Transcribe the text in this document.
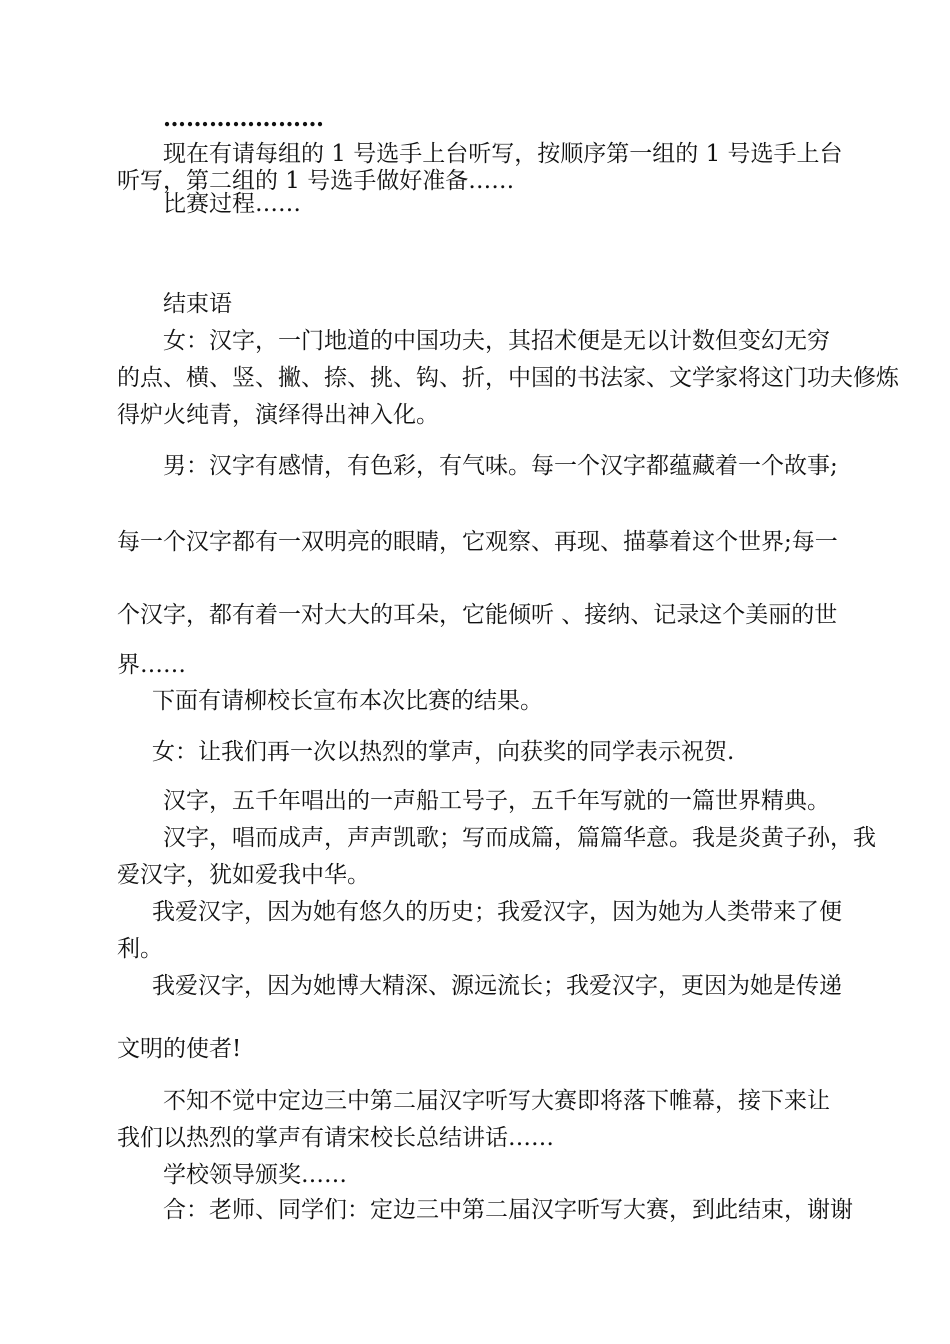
…………………
现在有请每组的 1 号选手上台听写，按顺序第一组的 1 号选手上台
听写，第二组的 1 号选手做好准备……
比赛过程……
结束语
女：汉字，一门地道的中国功夫，其招术便是无以计数但变幻无穷
的点、横、竖、撇、捺、挑、钩、折，中国的书法家、文学家将这门功夫修炼
得炉火纯青，演绎得出神入化。
男：汉字有感情，有色彩，有气味。每一个汉字都蕴藏着一个故事;
每一个汉字都有一双明亮的眼睛，它观察、再现、描摹着这个世界;每一
个汉字，都有着一对大大的耳朵，它能倾听 、接纳、记录这个美丽的世
界……
下面有请柳校长宣布本次比赛的结果。
女：让我们再一次以热烈的掌声，向获奖的同学表示祝贺.
汉字，五千年唱出的一声船工号子，五千年写就的一篇世界精典。
汉字，唱而成声，声声凯歌；写而成篇，篇篇华意。我是炎黄子孙，我
爱汉字，犹如爱我中华。
我爱汉字，因为她有悠久的历史；我爱汉字，因为她为人类带来了便
利。
我爱汉字，因为她博大精深、源远流长；我爱汉字，更因为她是传递
文明的使者!
不知不觉中定边三中第二届汉字听写大赛即将落下帷幕，接下来让
我们以热烈的掌声有请宋校长总结讲话……
学校领导颁奖……
合：老师、同学们：定边三中第二届汉字听写大赛，到此结束，谢谢
